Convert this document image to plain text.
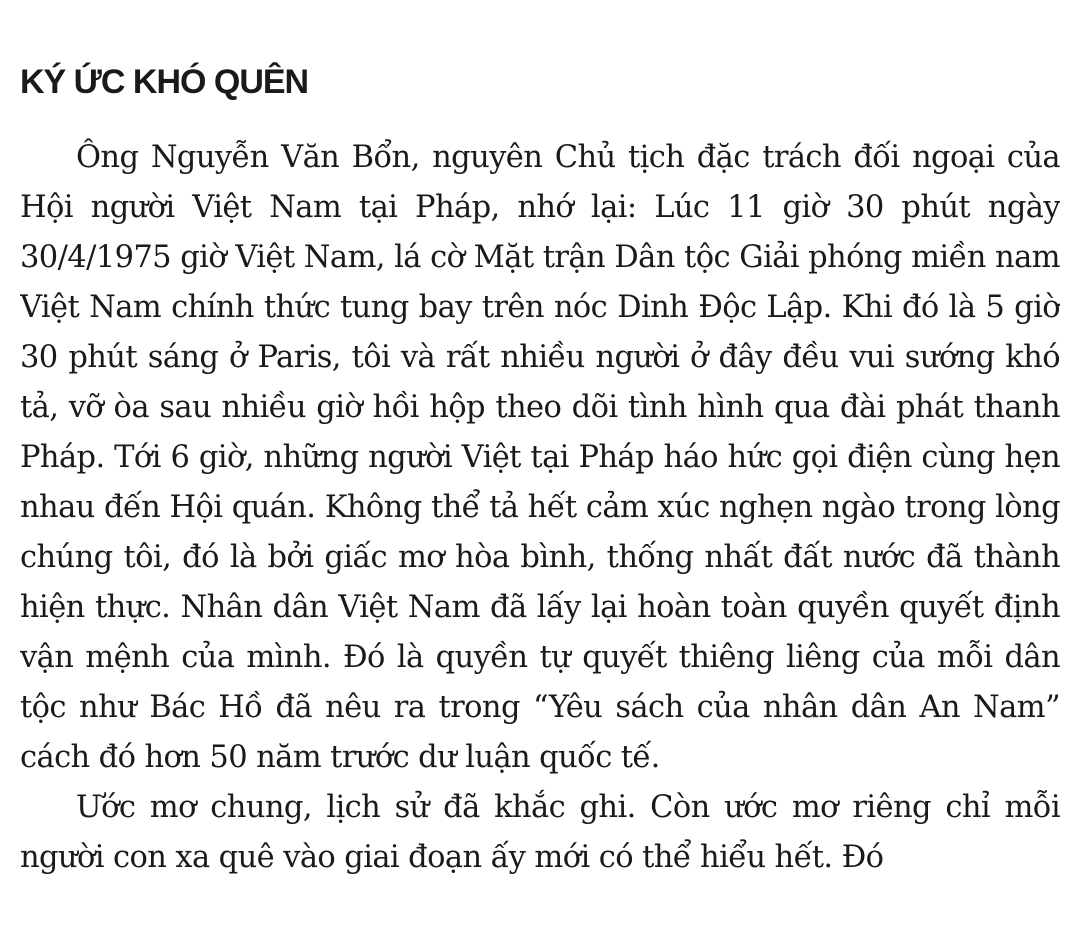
KÝ ỨC KHÓ QUÊN

Ông Nguyễn Văn Bổn, nguyên Chủ tịch đặc trách đối ngoại của Hội người Việt Nam tại Pháp, nhớ lại: Lúc 11 giờ 30 phút ngày 30/4/1975 giờ Việt Nam, lá cờ Mặt trận Dân tộc Giải phóng miền nam Việt Nam chính thức tung bay trên nóc Dinh Độc Lập. Khi đó là 5 giờ 30 phút sáng ở Paris, tôi và rất nhiều người ở đây đều vui sướng khó tả, vỡ òa sau nhiều giờ hồi hộp theo dõi tình hình qua đài phát thanh Pháp. Tới 6 giờ, những người Việt tại Pháp háo hức gọi điện cùng hẹn nhau đến Hội quán. Không thể tả hết cảm xúc nghẹn ngào trong lòng chúng tôi, đó là bởi giấc mơ hòa bình, thống nhất đất nước đã thành hiện thực. Nhân dân Việt Nam đã lấy lại hoàn toàn quyền quyết định vận mệnh của mình. Đó là quyền tự quyết thiêng liêng của mỗi dân tộc như Bác Hồ đã nêu ra trong “Yêu sách của nhân dân An Nam” cách đó hơn 50 năm trước dư luận quốc tế.

Ước mơ chung, lịch sử đã khắc ghi. Còn ước mơ riêng chỉ mỗi người con xa quê vào giai đoạn ấy mới có thể hiểu hết. Đó
